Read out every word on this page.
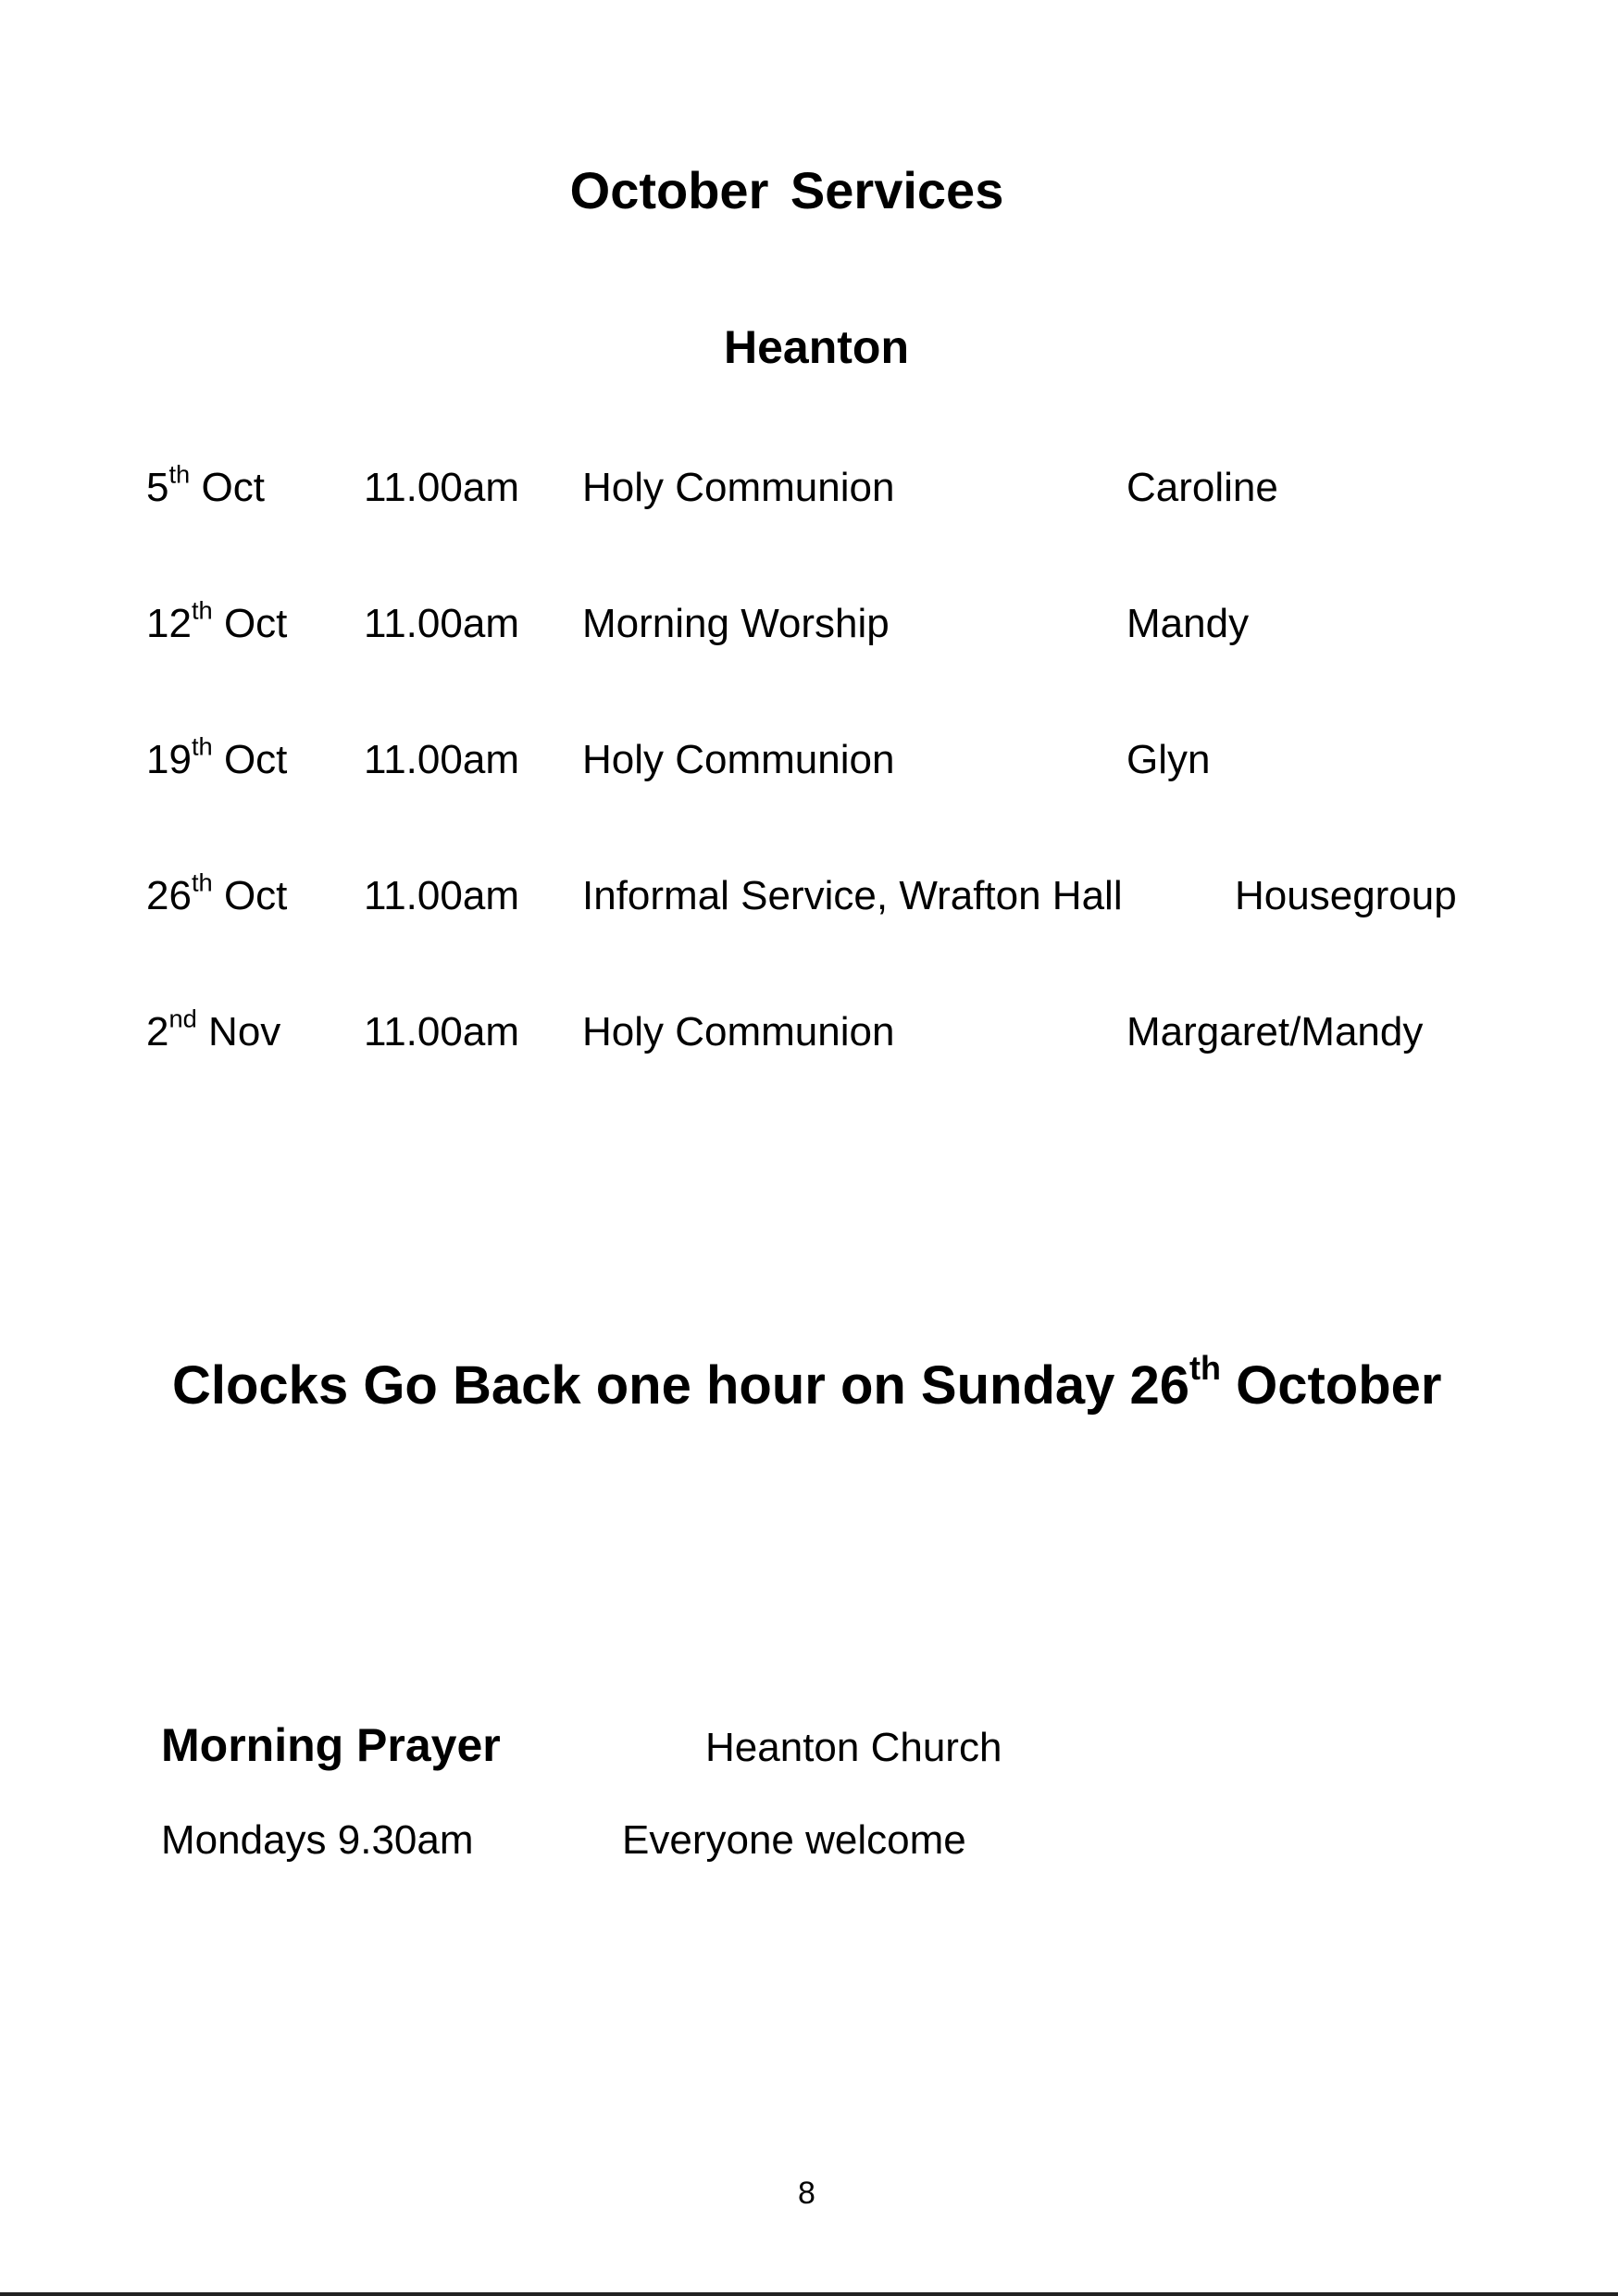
October Services
Heanton
5th Oct 11.00am Holy Communion	Caroline
12th Oct 11.00am Morning Worship	Mandy
19th Oct 11.00am Holy Communion	Glyn
26th Oct 11.00am Informal Service, Wrafton Hall	Housegroup
2nd Nov 11.00am Holy Communion	Margaret/Mandy
Clocks Go Back one hour on Sunday 26th October
Morning Prayer	Heanton Church
Mondays 9.30am	Everyone welcome
8
